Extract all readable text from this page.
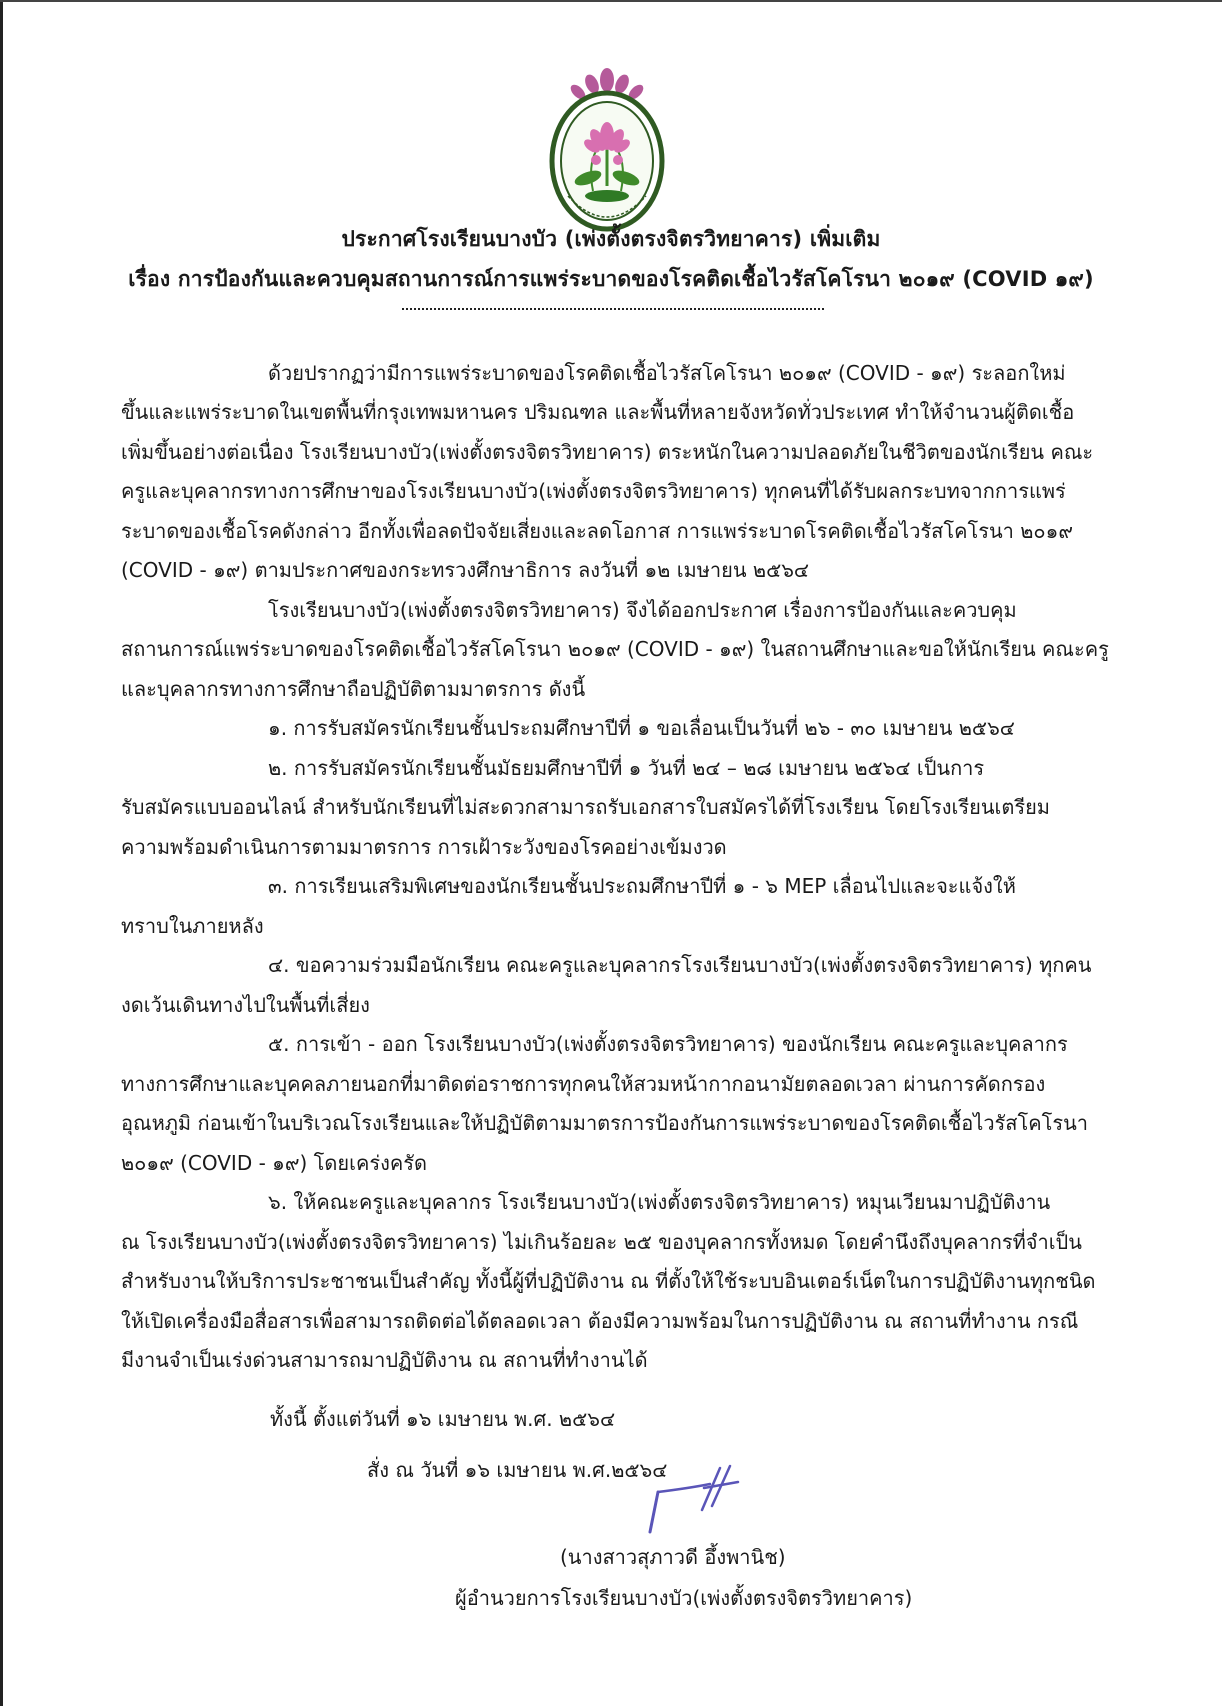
ประกาศโรงเรียนบางบัว (เพ่งตั้งตรงจิตรวิทยาคาร) เพิ่มเติม
เรื่อง การป้องกันและควบคุมสถานการณ์การแพร่ระบาดของโรคติดเชื้อไวรัสโคโรนา ๒๐๑๙ (COVID ๑๙)
ด้วยปรากฏว่ามีการแพร่ระบาดของโรคติดเชื้อไวรัสโคโรนา ๒๐๑๙ (COVID - ๑๙) ระลอกใหม่
ขึ้นและแพร่ระบาดในเขตพื้นที่กรุงเทพมหานคร ปริมณฑล และพื้นที่หลายจังหวัดทั่วประเทศ ทำให้จำนวนผู้ติดเชื้อ
เพิ่มขึ้นอย่างต่อเนื่อง โรงเรียนบางบัว(เพ่งตั้งตรงจิตรวิทยาคาร) ตระหนักในความปลอดภัยในชีวิตของนักเรียน คณะ
ครูและบุคลากรทางการศึกษาของโรงเรียนบางบัว(เพ่งตั้งตรงจิตรวิทยาคาร) ทุกคนที่ได้รับผลกระบทจากการแพร่
ระบาดของเชื้อโรคดังกล่าว อีกทั้งเพื่อลดปัจจัยเสี่ยงและลดโอกาส การแพร่ระบาดโรคติดเชื้อไวรัสโคโรนา ๒๐๑๙
(COVID - ๑๙) ตามประกาศของกระทรวงศึกษาธิการ ลงวันที่ ๑๒ เมษายน ๒๕๖๔
โรงเรียนบางบัว(เพ่งตั้งตรงจิตรวิทยาคาร) จึงได้ออกประกาศ เรื่องการป้องกันและควบคุม
สถานการณ์แพร่ระบาดของโรคติดเชื้อไวรัสโคโรนา ๒๐๑๙ (COVID - ๑๙) ในสถานศึกษาและขอให้นักเรียน คณะครู
และบุคลากรทางการศึกษาถือปฏิบัติตามมาตรการ ดังนี้
๑. การรับสมัครนักเรียนชั้นประถมศึกษาปีที่ ๑ ขอเลื่อนเป็นวันที่ ๒๖ - ๓๐ เมษายน ๒๕๖๔
๒. การรับสมัครนักเรียนชั้นมัธยมศึกษาปีที่ ๑ วันที่ ๒๔ – ๒๘ เมษายน ๒๕๖๔ เป็นการ
รับสมัครแบบออนไลน์ สำหรับนักเรียนที่ไม่สะดวกสามารถรับเอกสารใบสมัครได้ที่โรงเรียน โดยโรงเรียนเตรียม
ความพร้อมดำเนินการตามมาตรการ การเฝ้าระวังของโรคอย่างเข้มงวด
๓. การเรียนเสริมพิเศษของนักเรียนชั้นประถมศึกษาปีที่ ๑ - ๖ MEP เลื่อนไปและจะแจ้งให้
ทราบในภายหลัง
๔. ขอความร่วมมือนักเรียน คณะครูและบุคลากรโรงเรียนบางบัว(เพ่งตั้งตรงจิตรวิทยาคาร) ทุกคน
งดเว้นเดินทางไปในพื้นที่เสี่ยง
๕. การเข้า - ออก โรงเรียนบางบัว(เพ่งตั้งตรงจิตรวิทยาคาร) ของนักเรียน คณะครูและบุคลากร
ทางการศึกษาและบุคคลภายนอกที่มาติดต่อราชการทุกคนให้สวมหน้ากากอนามัยตลอดเวลา ผ่านการคัดกรอง
อุณหภูมิ ก่อนเข้าในบริเวณโรงเรียนและให้ปฏิบัติตามมาตรการป้องกันการแพร่ระบาดของโรคติดเชื้อไวรัสโคโรนา
๒๐๑๙ (COVID - ๑๙) โดยเคร่งครัด
๖. ให้คณะครูและบุคลากร โรงเรียนบางบัว(เพ่งตั้งตรงจิตรวิทยาคาร) หมุนเวียนมาปฏิบัติงาน
ณ โรงเรียนบางบัว(เพ่งตั้งตรงจิตรวิทยาคาร) ไม่เกินร้อยละ ๒๕ ของบุคลากรทั้งหมด โดยคำนึงถึงบุคลากรที่จำเป็น
สำหรับงานให้บริการประชาชนเป็นสำคัญ ทั้งนี้ผู้ที่ปฏิบัติงาน ณ ที่ตั้งให้ใช้ระบบอินเตอร์เน็ตในการปฏิบัติงานทุกชนิด
ให้เปิดเครื่องมือสื่อสารเพื่อสามารถติดต่อได้ตลอดเวลา ต้องมีความพร้อมในการปฏิบัติงาน ณ สถานที่ทำงาน กรณี
มีงานจำเป็นเร่งด่วนสามารถมาปฏิบัติงาน ณ สถานที่ทำงานได้
ทั้งนี้ ตั้งแต่วันที่ ๑๖ เมษายน พ.ศ. ๒๕๖๔
สั่ง ณ วันที่ ๑๖ เมษายน พ.ศ.๒๕๖๔
(นางสาวสุภาวดี อึ้งพานิช)
ผู้อำนวยการโรงเรียนบางบัว(เพ่งตั้งตรงจิตรวิทยาคาร)
